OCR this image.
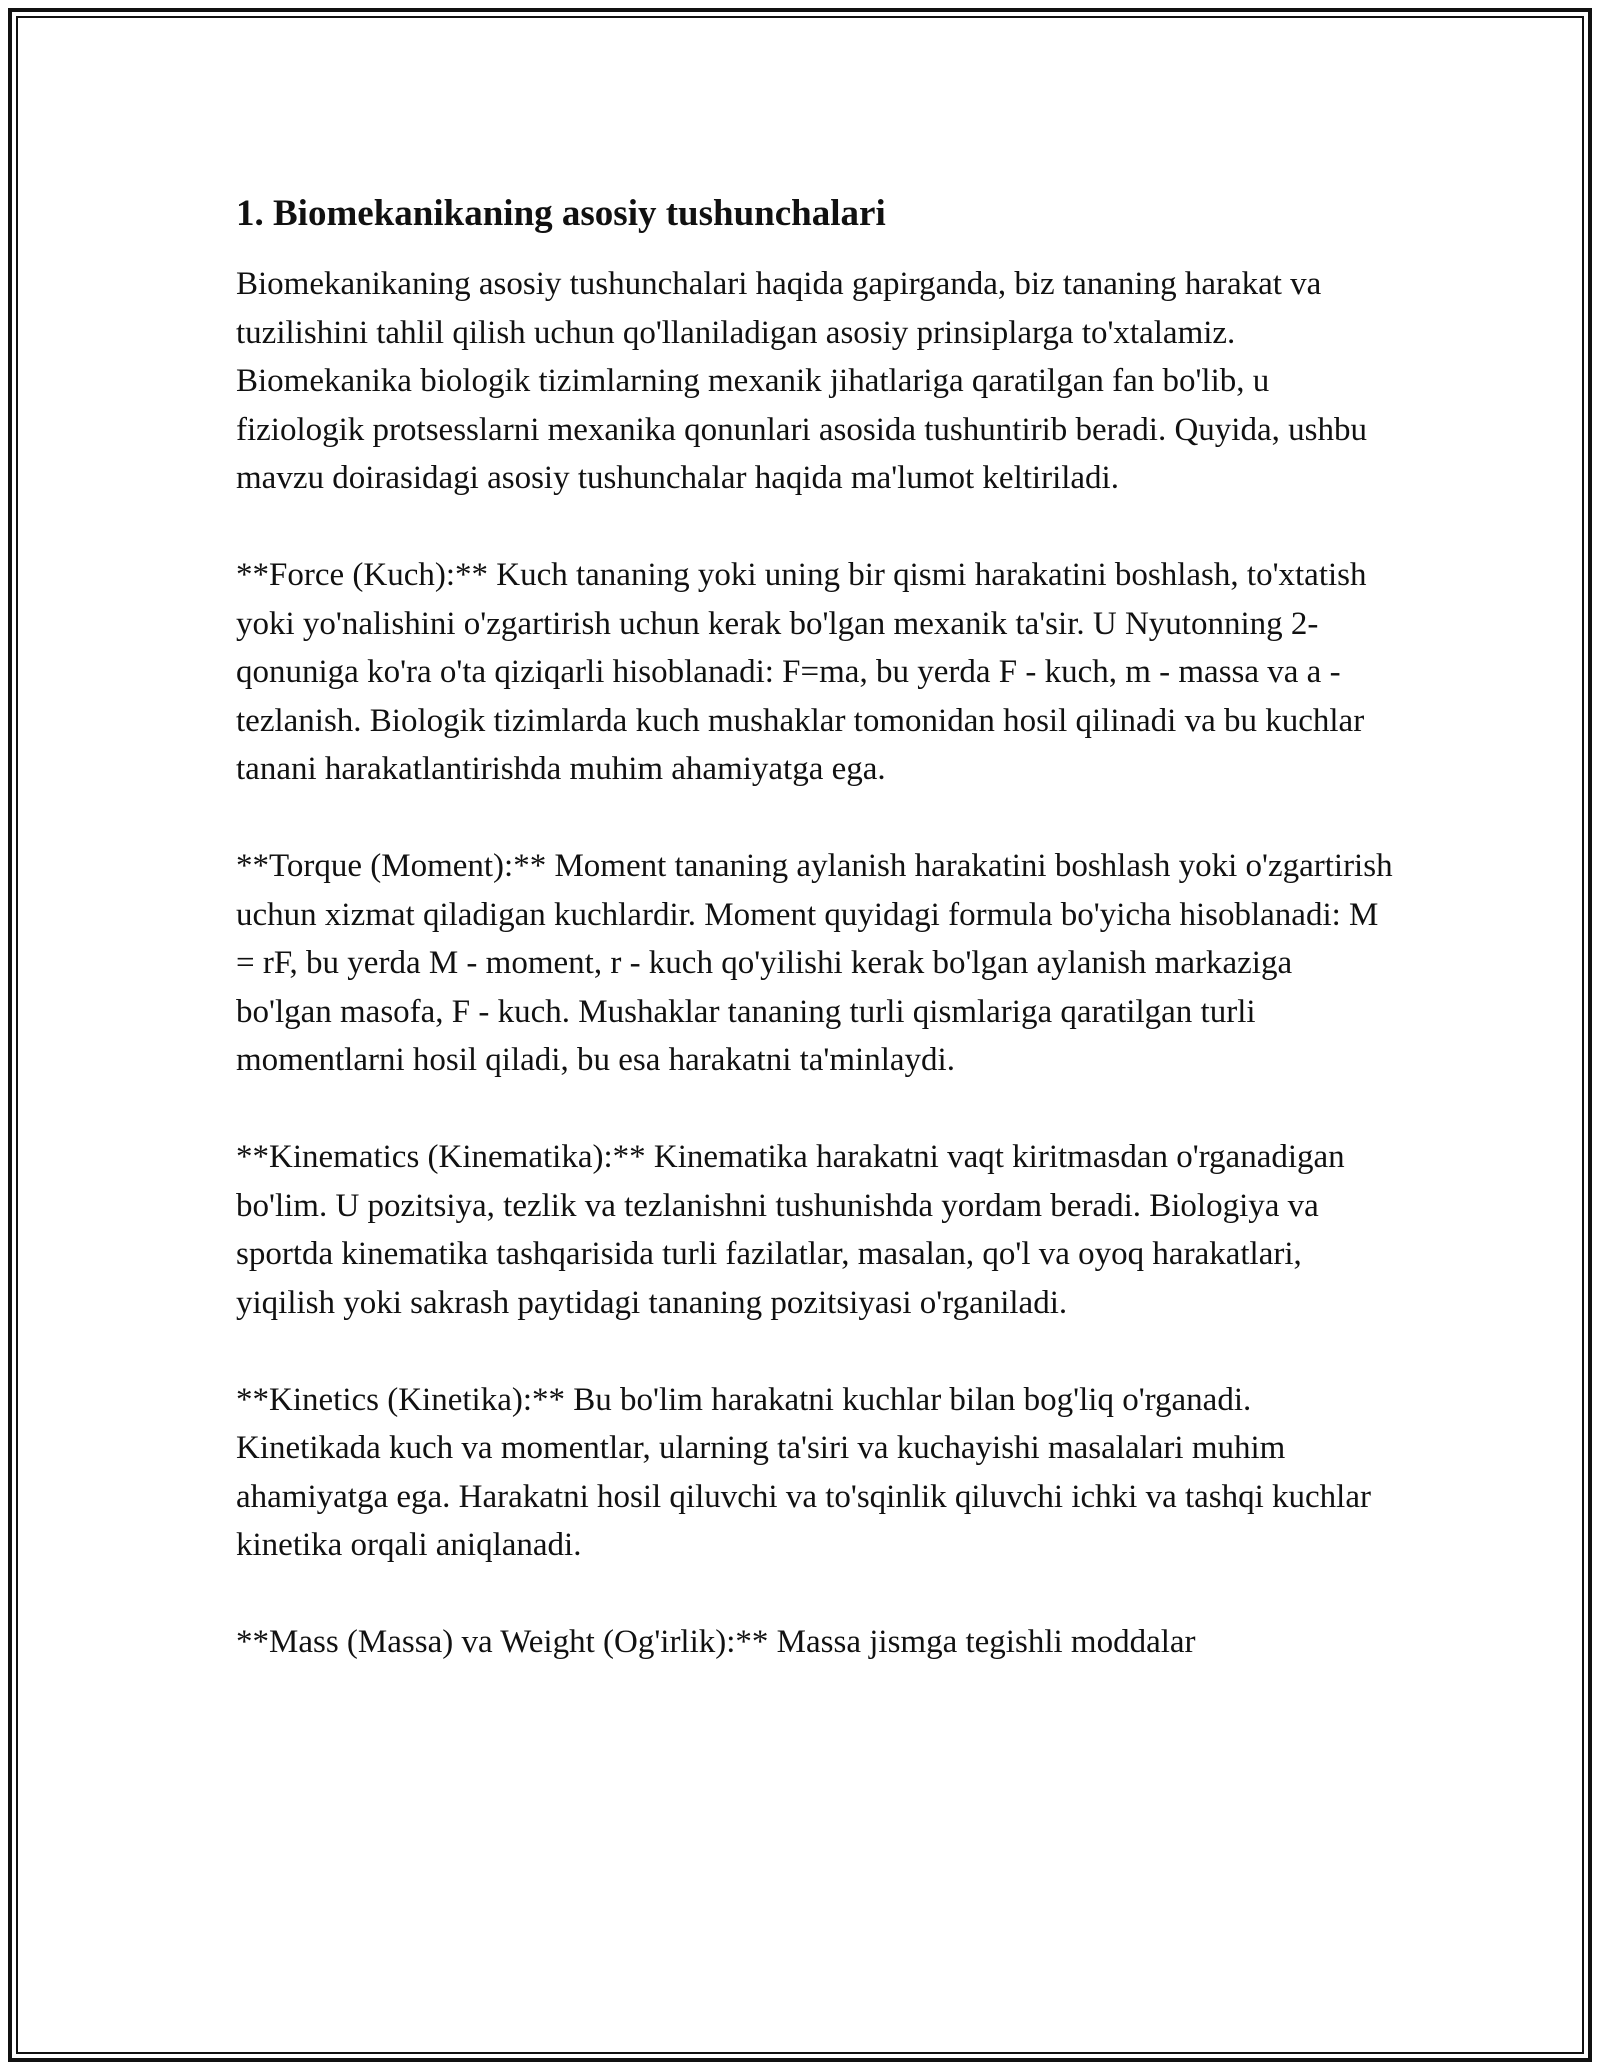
1. Biomekanikaning asosiy tushunchalari

Biomekanikaning asosiy tushunchalari haqida gapirganda, biz tananing harakat va tuzilishini tahlil qilish uchun qo'llaniladigan asosiy prinsiplarga to'xtalamiz. Biomekanika biologik tizimlarning mexanik jihatlariga qaratilgan fan bo'lib, u fiziologik protsesslarni mexanika qonunlari asosida tushuntirib beradi. Quyida, ushbu mavzu doirasidagi asosiy tushunchalar haqida ma'lumot keltiriladi.

**Force (Kuch):** Kuch tananing yoki uning bir qismi harakatini boshlash, to'xtatish yoki yo'nalishini o'zgartirish uchun kerak bo'lgan mexanik ta'sir. U Nyutonning 2-qonuniga ko'ra o'ta qiziqarli hisoblanadi: F=ma, bu yerda F - kuch, m - massa va a - tezlanish. Biologik tizimlarda kuch mushaklar tomonidan hosil qilinadi va bu kuchlar tanani harakatlantirishda muhim ahamiyatga ega.

**Torque (Moment):** Moment tananing aylanish harakatini boshlash yoki o'zgartirish uchun xizmat qiladigan kuchlardir. Moment quyidagi formula bo'yicha hisoblanadi: M = rF, bu yerda M - moment, r - kuch qo'yilishi kerak bo'lgan aylanish markaziga bo'lgan masofa, F - kuch. Mushaklar tananing turli qismlariga qaratilgan turli momentlarni hosil qiladi, bu esa harakatni ta'minlaydi.

**Kinematics (Kinematika):** Kinematika harakatni vaqt kiritmasdan o'rganadigan bo'lim. U pozitsiya, tezlik va tezlanishni tushunishda yordam beradi. Biologiya va sportda kinematika tashqarisida turli fazilatlar, masalan, qo'l va oyoq harakatlari, yiqilish yoki sakrash paytidagi tananing pozitsiyasi o'rganiladi.

**Kinetics (Kinetika):** Bu bo'lim harakatni kuchlar bilan bog'liq o'rganadi. Kinetikada kuch va momentlar, ularning ta'siri va kuchayishi masalalari muhim ahamiyatga ega. Harakatni hosil qiluvchi va to'sqinlik qiluvchi ichki va tashqi kuchlar kinetika orqali aniqlanadi.

**Mass (Massa) va Weight (Og'irlik):** Massa jismga tegishli moddalar
